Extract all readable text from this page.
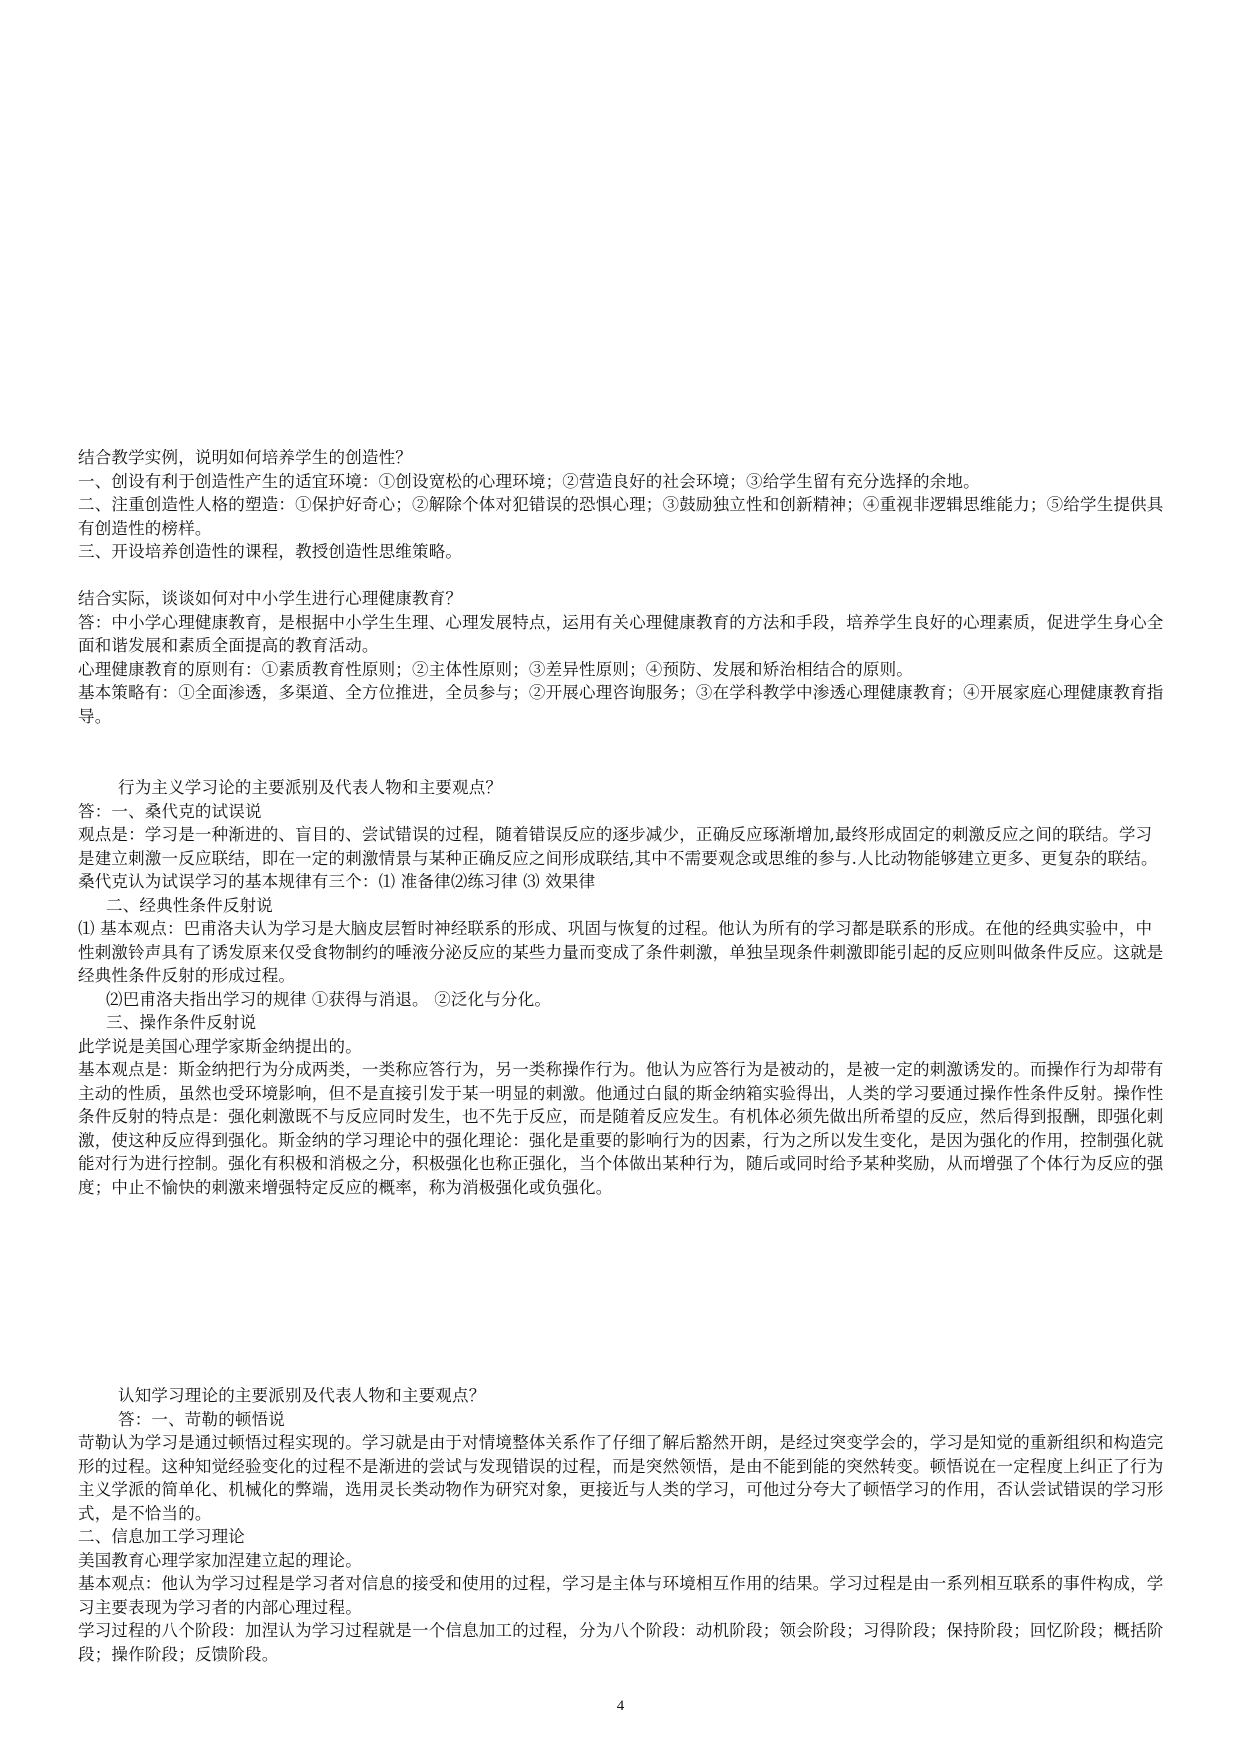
结合教学实例，说明如何培养学生的创造性？

一、创设有利于创造性产生的适宜环境：①创设宽松的心理环境；②营造良好的社会环境；③给学生留有充分选择的余地。

二、注重创造性人格的塑造：①保护好奇心；②解除个体对犯错误的恐惧心理；③鼓励独立性和创新精神；④重视非逻辑思维能力；⑤给学生提供具有创造性的榜样。

三、开设培养创造性的课程，教授创造性思维策略。

结合实际，谈谈如何对中小学生进行心理健康教育？

答：中小学心理健康教育，是根据中小学生生理、心理发展特点，运用有关心理健康教育的方法和手段，培养学生良好的心理素质，促进学生身心全面和谐发展和素质全面提高的教育活动。

心理健康教育的原则有：①素质教育性原则；②主体性原则；③差异性原则；④预防、发展和矫治相结合的原则。

基本策略有：①全面渗透，多渠道、全方位推进，全员参与；②开展心理咨询服务；③在学科教学中渗透心理健康教育；④开展家庭心理健康教育指导。

行为主义学习论的主要派别及代表人物和主要观点？

答：一、桑代克的试误说

观点是：学习是一种渐进的、盲目的、尝试错误的过程，随着错误反应的逐步减少，正确反应琢渐增加,最终形成固定的刺激反应之间的联结。学习是建立刺激一反应联结，即在一定的刺激情景与某种正确反应之间形成联结,其中不需要观念或思维的参与.人比动物能够建立更多、更复杂的联结。

桑代克认为试误学习的基本规律有三个：⑴ 准备律⑵练习律 ⑶ 效果律

二、经典性条件反射说

⑴ 基本观点：巴甫洛夫认为学习是大脑皮层暂时神经联系的形成、巩固与恢复的过程。他认为所有的学习都是联系的形成。在他的经典实验中，中性刺激铃声具有了诱发原来仅受食物制约的唾液分泌反应的某些力量而变成了条件刺激，单独呈现条件刺激即能引起的反应则叫做条件反应。这就是经典性条件反射的形成过程。

⑵巴甫洛夫指出学习的规律 ①获得与消退。 ②泛化与分化。

三、操作条件反射说

此学说是美国心理学家斯金纳提出的。

基本观点是：斯金纳把行为分成两类，一类称应答行为，另一类称操作行为。他认为应答行为是被动的，是被一定的刺激诱发的。而操作行为却带有主动的性质，虽然也受环境影响，但不是直接引发于某一明显的刺激。他通过白鼠的斯金纳箱实验得出，人类的学习要通过操作性条件反射。操作性条件反射的特点是：强化刺激既不与反应同时发生，也不先于反应，而是随着反应发生。有机体必须先做出所希望的反应，然后得到报酬，即强化刺激，使这种反应得到强化。斯金纳的学习理论中的强化理论：强化是重要的影响行为的因素，行为之所以发生变化，是因为强化的作用，控制强化就能对行为进行控制。强化有积极和消极之分，积极强化也称正强化，当个体做出某种行为，随后或同时给予某种奖励，从而增强了个体行为反应的强度；中止不愉快的刺激来增强特定反应的概率，称为消极强化或负强化。

认知学习理论的主要派别及代表人物和主要观点？

答：一、苛勒的顿悟说

苛勒认为学习是通过顿悟过程实现的。学习就是由于对情境整体关系作了仔细了解后豁然开朗，是经过突变学会的，学习是知觉的重新组织和构造完形的过程。这种知觉经验变化的过程不是渐进的尝试与发现错误的过程，而是突然领悟，是由不能到能的突然转变。顿悟说在一定程度上纠正了行为主义学派的简单化、机械化的弊端，选用灵长类动物作为研究对象，更接近与人类的学习，可他过分夸大了顿悟学习的作用，否认尝试错误的学习形式，是不恰当的。

二、信息加工学习理论

美国教育心理学家加涅建立起的理论。

基本观点：他认为学习过程是学习者对信息的接受和使用的过程，学习是主体与环境相互作用的结果。学习过程是由一系列相互联系的事件构成，学习主要表现为学习者的内部心理过程。

学习过程的八个阶段：加涅认为学习过程就是一个信息加工的过程，分为八个阶段：动机阶段；领会阶段；习得阶段；保持阶段；回忆阶段；概括阶段；操作阶段；反馈阶段。

4
